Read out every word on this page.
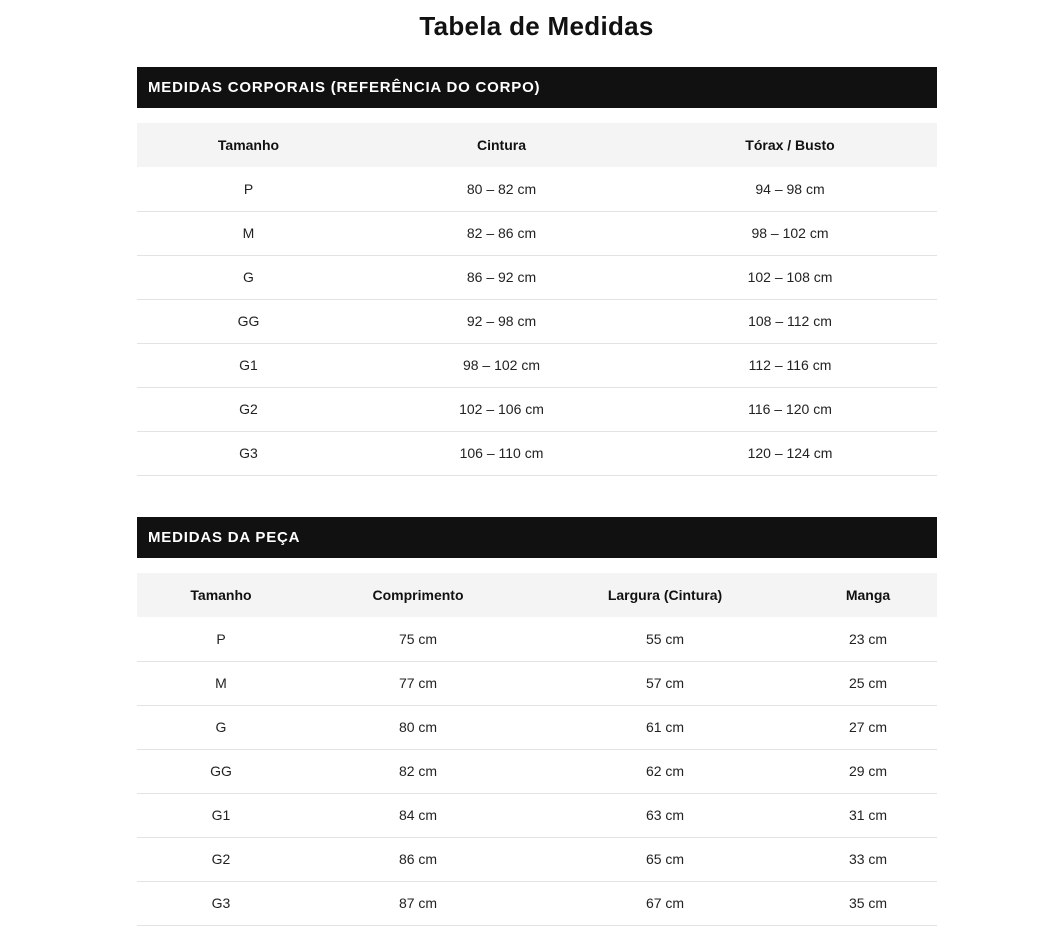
Tabela de Medidas
MEDIDAS CORPORAIS (REFERÊNCIA DO CORPO)
Tamanho	Cintura	Tórax / Busto
P	80 – 82 cm	94 – 98 cm
M	82 – 86 cm	98 – 102 cm
G	86 – 92 cm	102 – 108 cm
GG	92 – 98 cm	108 – 112 cm
G1	98 – 102 cm	112 – 116 cm
G2	102 – 106 cm	116 – 120 cm
G3	106 – 110 cm	120 – 124 cm
MEDIDAS DA PEÇA
Tamanho	Comprimento	Largura (Cintura)	Manga
P	75 cm	55 cm	23 cm
M	77 cm	57 cm	25 cm
G	80 cm	61 cm	27 cm
GG	82 cm	62 cm	29 cm
G1	84 cm	63 cm	31 cm
G2	86 cm	65 cm	33 cm
G3	87 cm	67 cm	35 cm
